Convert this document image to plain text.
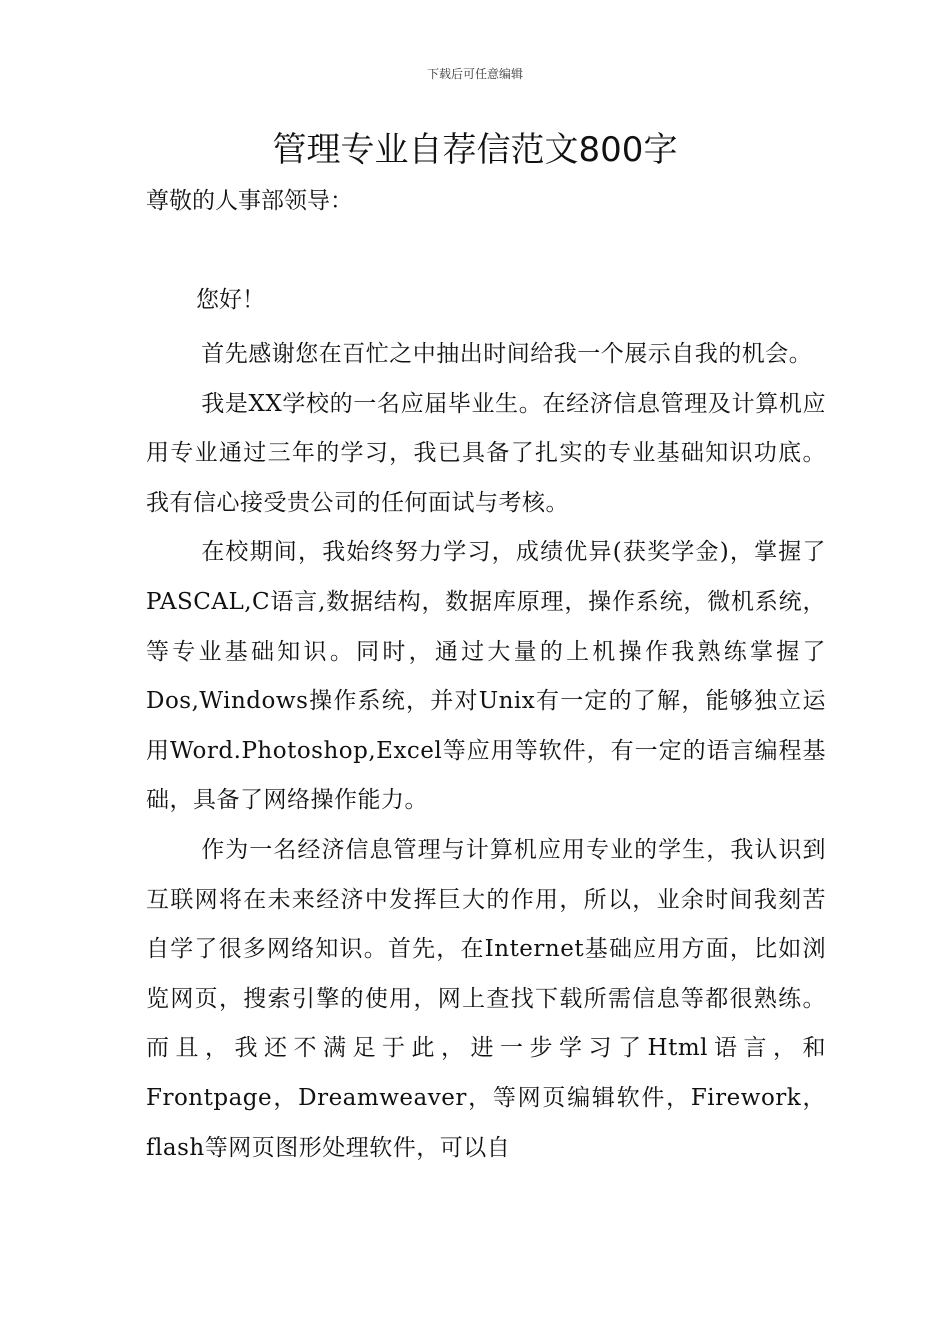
下载后可任意编辑
管理专业自荐信范文800字
尊敬的人事部领导：
您好！

首先感谢您在百忙之中抽出时间给我一个展示自我的机会。

我是XX学校的一名应届毕业生。在经济信息管理及计算机应用专业通过三年的学习，我已具备了扎实的专业基础知识功底。我有信心接受贵公司的任何面试与考核。

在校期间，我始终努力学习，成绩优异(获奖学金)，掌握了PASCAL,C语言,数据结构，数据库原理，操作系统，微机系统，等专业基础知识。同时，通过大量的上机操作我熟练掌握了Dos,Windows操作系统，并对Unix有一定的了解，能够独立运用Word.Photoshop,Excel等应用等软件，有一定的语言编程基础，具备了网络操作能力。

作为一名经济信息管理与计算机应用专业的学生，我认识到互联网将在未来经济中发挥巨大的作用，所以，业余时间我刻苦自学了很多网络知识。首先，在Internet基础应用方面，比如浏览网页，搜索引擎的使用，网上查找下载所需信息等都很熟练。而且，我还不满足于此，进一步学习了Html语言，和Frontpage，Dreamweaver，等网页编辑软件，Firework，flash等网页图形处理软件，可以自
